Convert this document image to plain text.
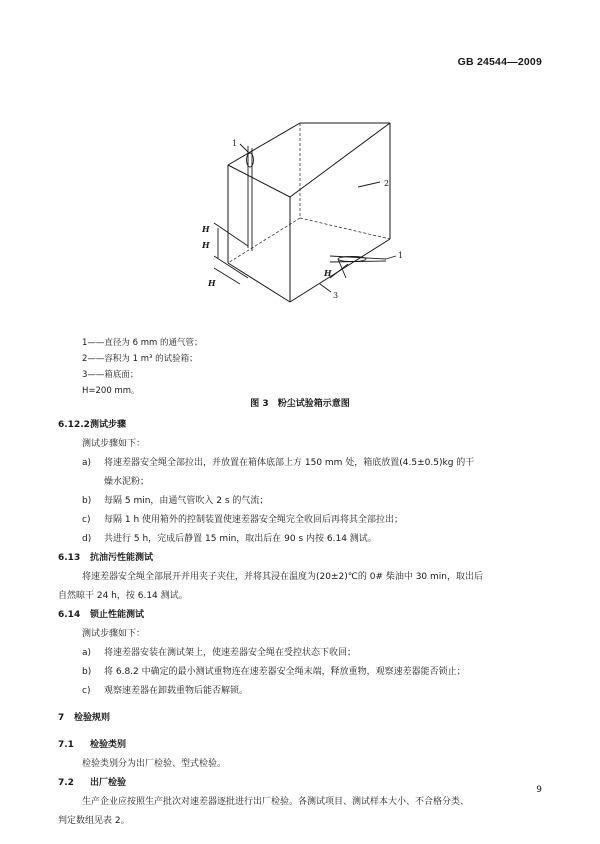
GB 24544—2009
1
2
1
3
H
H
H
H
1——直径为 6 mm 的通气管；
2——容积为 1 m³ 的试验箱；
3——箱底面；
H=200 mm。
图 3　粉尘试验箱示意图
6.12.2测试步骤
测试步骤如下：
a) 将速差器安全绳全部拉出，并放置在箱体底部上方 150 mm 处，箱底放置(4.5±0.5)kg 的干
燥水泥粉；
b) 每隔 5 min，由通气管吹入 2 s 的气流；
c) 每隔 1 h 使用箱外的控制装置使速差器安全绳完全收回后再将其全部拉出；
d) 共进行 5 h，完成后静置 15 min，取出后在 90 s 内按 6.14 测试。
6.13 抗油污性能测试
将速差器安全绳全部展开并用夹子夹住，并将其浸在温度为(20±2)℃的 0# 柴油中 30 min，取出后
自然晾干 24 h，按 6.14 测试。
6.14 锁止性能测试
测试步骤如下：
a) 将速差器安装在测试架上，使速差器安全绳在受控状态下收回；
b) 将 6.8.2 中确定的最小测试重物连在速差器安全绳末端，释放重物，观察速差器能否锁止；
c) 观察速差器在卸载重物后能否解锁。
7 检验规则
7.1 检验类别
检验类别分为出厂检验、型式检验。
7.2 出厂检验
生产企业应按照生产批次对速差器逐批进行出厂检验。各测试项目、测试样本大小、不合格分类、
判定数组见表 2。
9
